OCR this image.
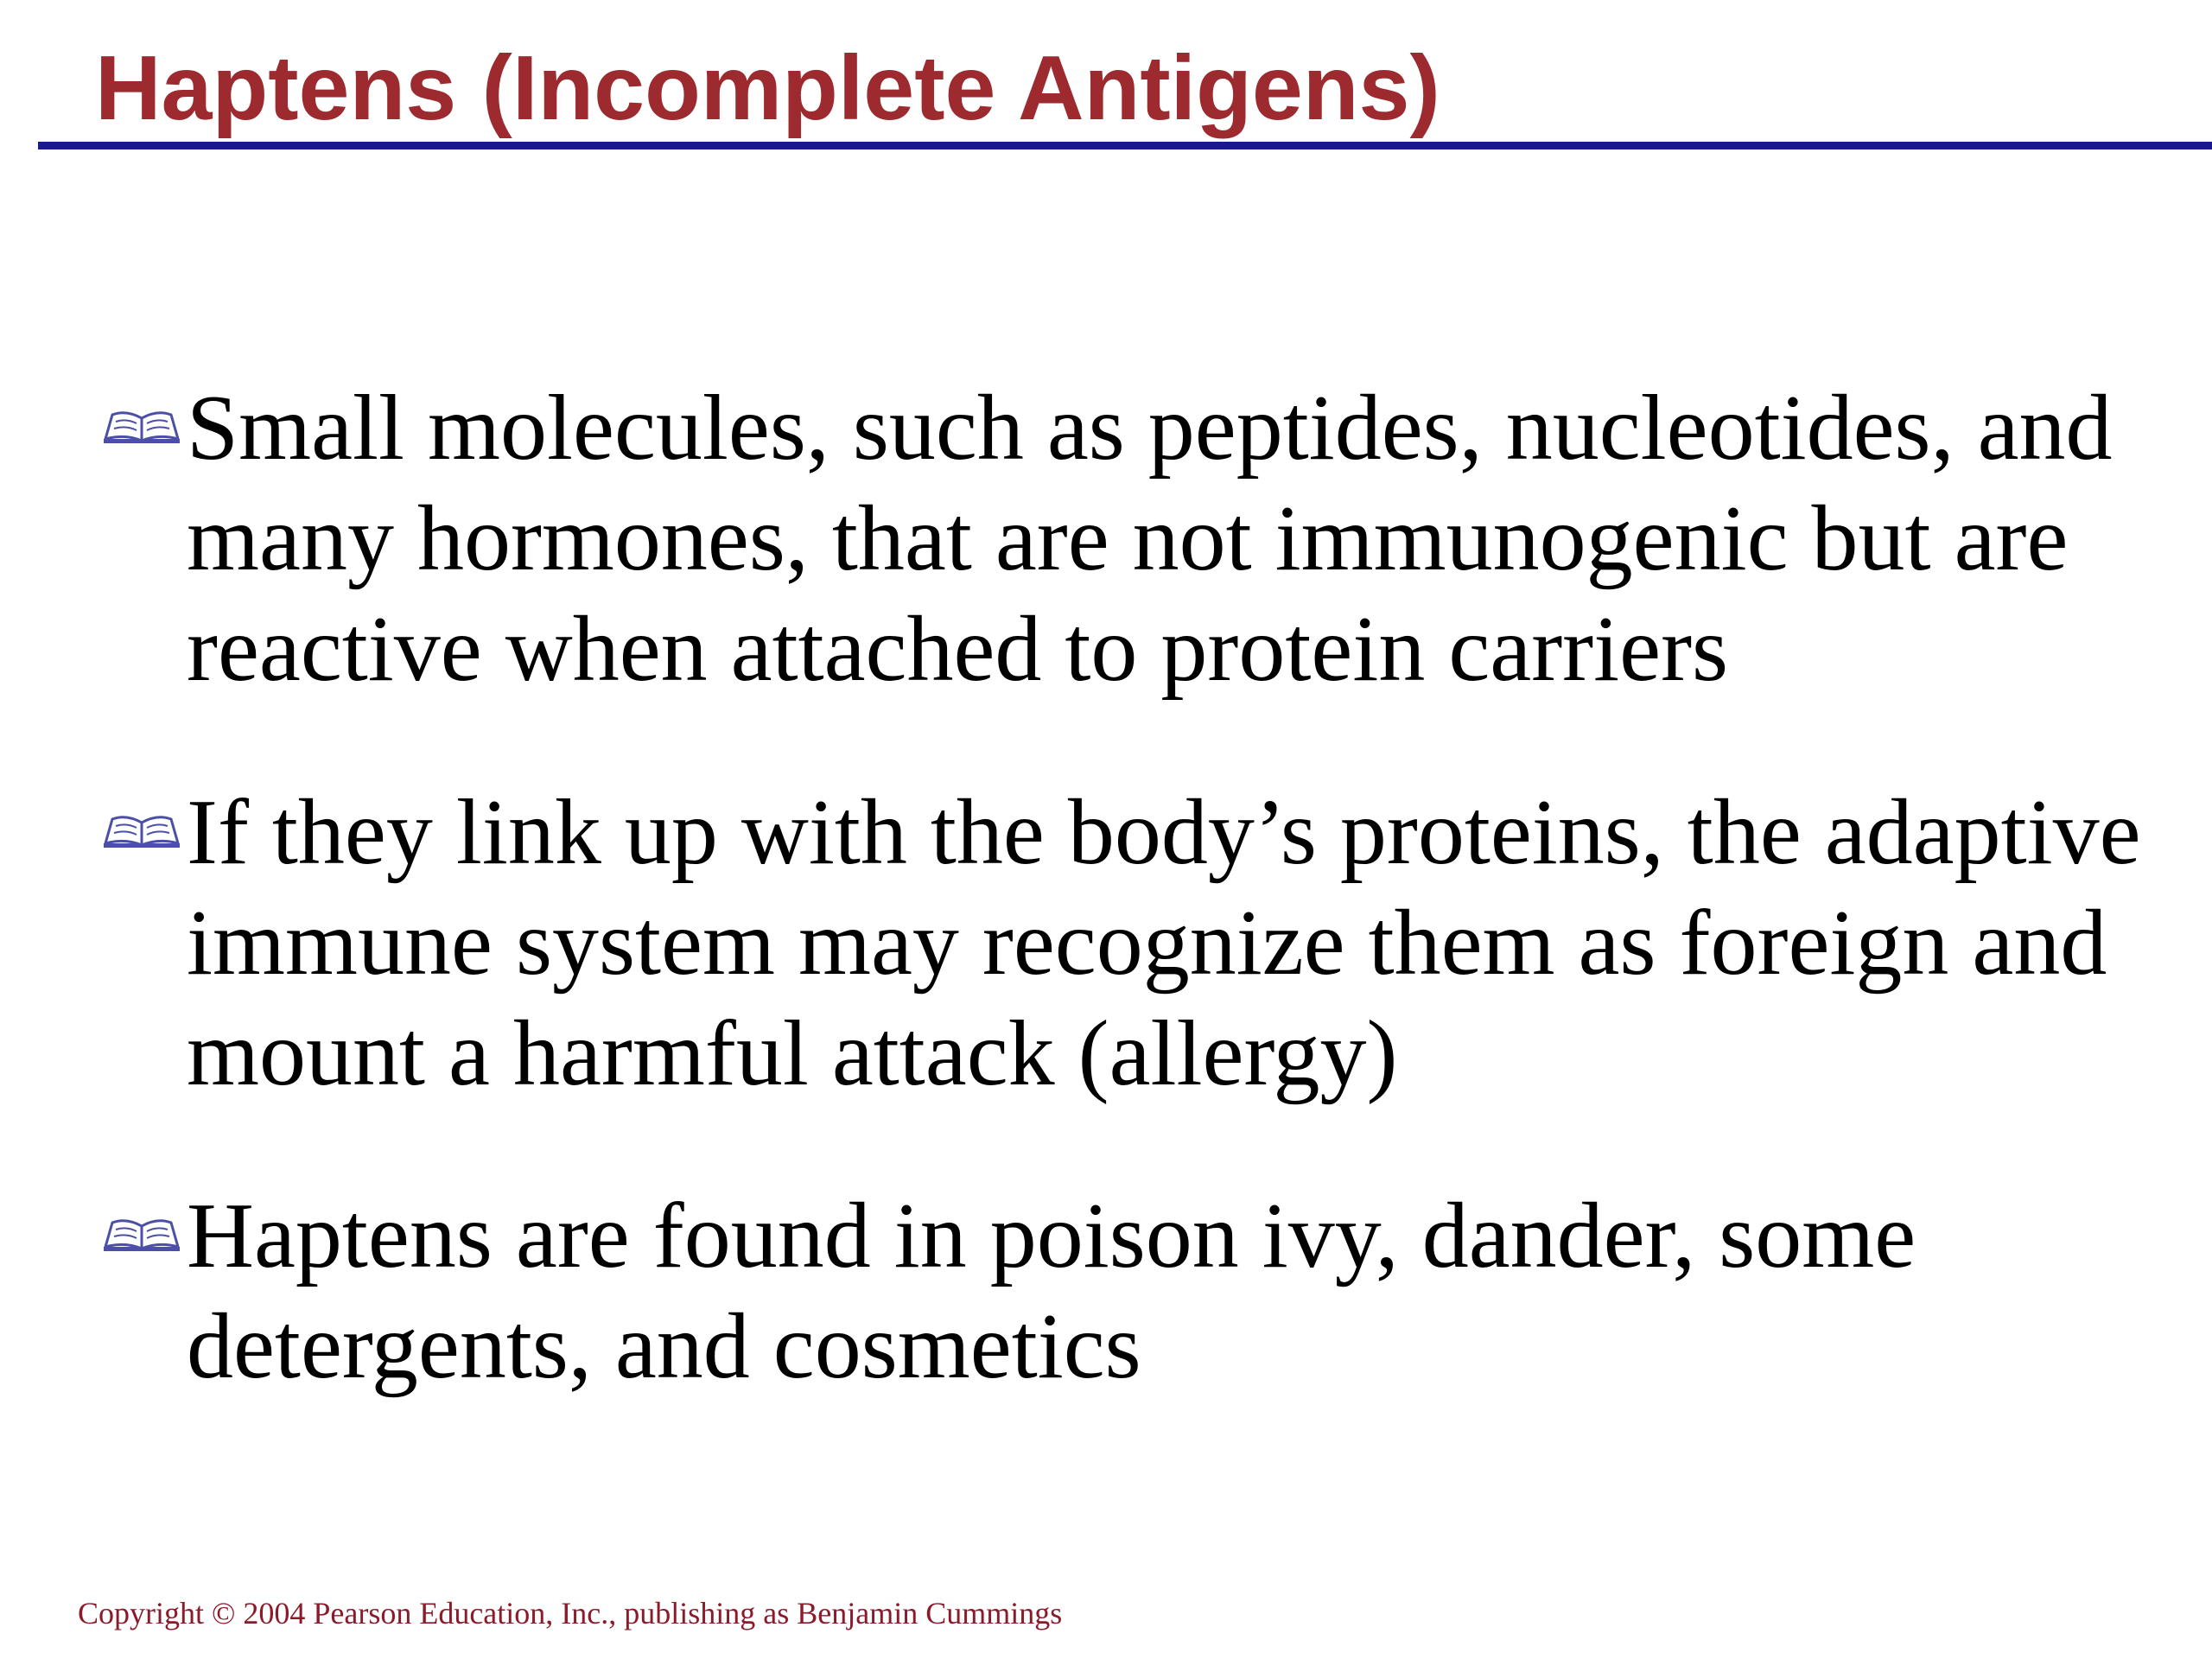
Haptens (Incomplete Antigens)

Small molecules, such as peptides, nucleotides, and
many hormones, that are not immunogenic but are
reactive when attached to protein carriers

If they link up with the body’s proteins, the adaptive
immune system may recognize them as foreign and
mount a harmful attack (allergy)

Haptens are found in poison ivy, dander, some
detergents, and cosmetics

Copyright © 2004 Pearson Education, Inc., publishing as Benjamin Cummings
